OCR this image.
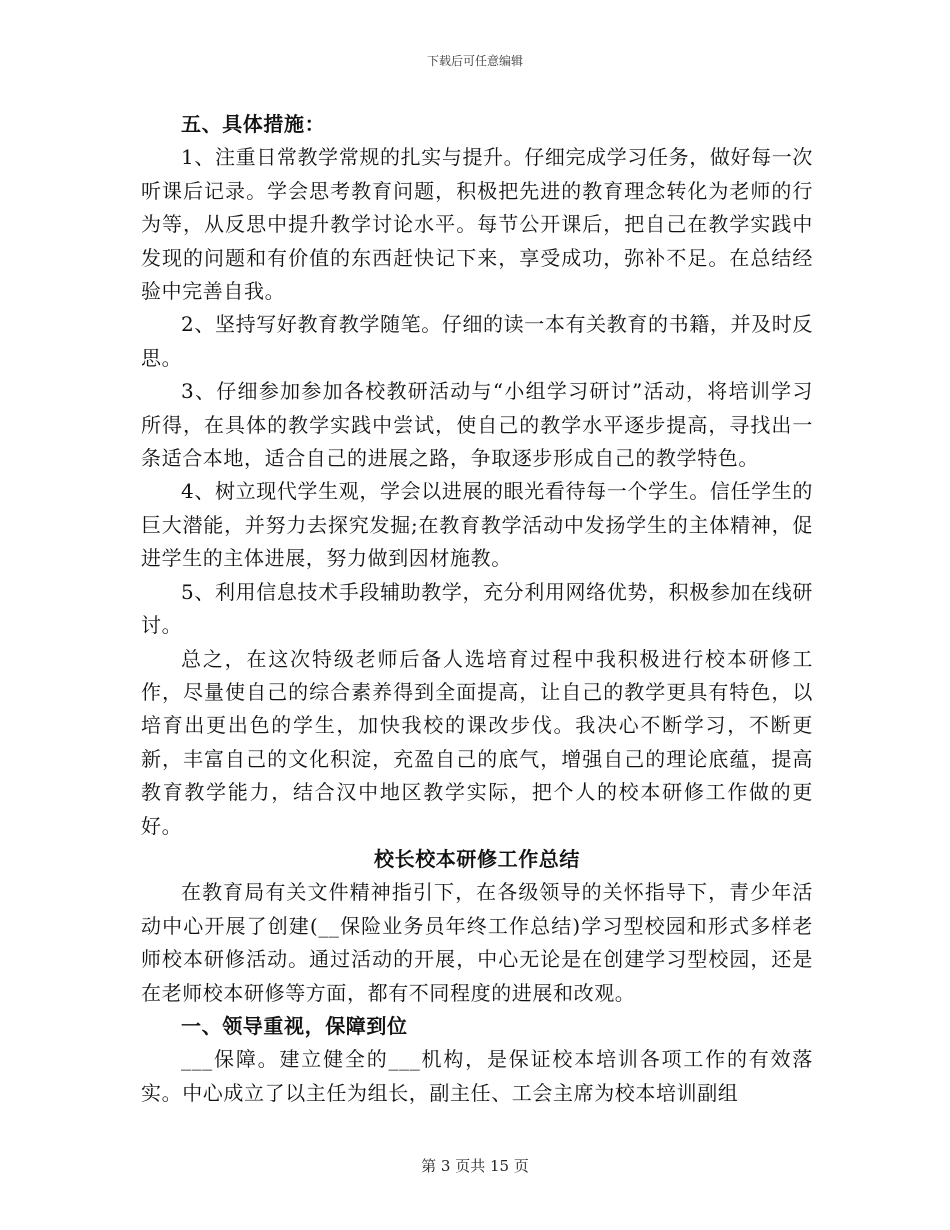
下载后可任意编辑

五、具体措施：

1、注重日常教学常规的扎实与提升。仔细完成学习任务，做好每一次听课后记录。学会思考教育问题，积极把先进的教育理念转化为老师的行为等，从反思中提升教学讨论水平。每节公开课后，把自己在教学实践中发现的问题和有价值的东西赶快记下来，享受成功，弥补不足。在总结经验中完善自我。

2、坚持写好教育教学随笔。仔细的读一本有关教育的书籍，并及时反思。

3、仔细参加参加各校教研活动与“小组学习研讨”活动，将培训学习所得，在具体的教学实践中尝试，使自己的教学水平逐步提高，寻找出一条适合本地，适合自己的进展之路，争取逐步形成自己的教学特色。

4、树立现代学生观，学会以进展的眼光看待每一个学生。信任学生的巨大潜能，并努力去探究发掘;在教育教学活动中发扬学生的主体精神，促进学生的主体进展，努力做到因材施教。

5、利用信息技术手段辅助教学，充分利用网络优势，积极参加在线研讨。

总之，在这次特级老师后备人选培育过程中我积极进行校本研修工作，尽量使自己的综合素养得到全面提高，让自己的教学更具有特色，以培育出更出色的学生，加快我校的课改步伐。我决心不断学习，不断更新，丰富自己的文化积淀，充盈自己的底气，增强自己的理论底蕴，提高教育教学能力，结合汉中地区教学实际，把个人的校本研修工作做的更好。

校长校本研修工作总结

在教育局有关文件精神指引下，在各级领导的关怀指导下，青少年活动中心开展了创建(__保险业务员年终工作总结)学习型校园和形式多样老师校本研修活动。通过活动的开展，中心无论是在创建学习型校园，还是在老师校本研修等方面，都有不同程度的进展和改观。

一、领导重视，保障到位

___保障。建立健全的___机构，是保证校本培训各项工作的有效落实。中心成立了以主任为组长，副主任、工会主席为校本培训副组

第 3 页共 15 页
